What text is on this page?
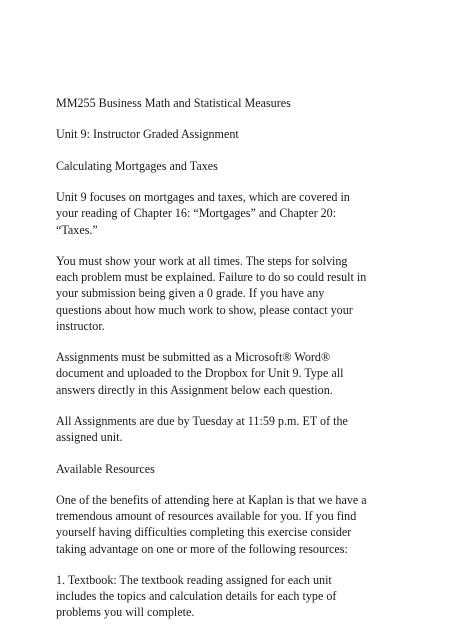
MM255 Business Math and Statistical Measures

Unit 9: Instructor Graded Assignment

Calculating Mortgages and Taxes

Unit 9 focuses on mortgages and taxes, which are covered in
your reading of Chapter 16: “Mortgages” and Chapter 20:
“Taxes.”

You must show your work at all times. The steps for solving
each problem must be explained. Failure to do so could result in
your submission being given a 0 grade. If you have any
questions about how much work to show, please contact your
instructor.

Assignments must be submitted as a Microsoft® Word®
document and uploaded to the Dropbox for Unit 9. Type all
answers directly in this Assignment below each question.

All Assignments are due by Tuesday at 11:59 p.m. ET of the
assigned unit.

Available Resources

One of the benefits of attending here at Kaplan is that we have a
tremendous amount of resources available for you. If you find
yourself having difficulties completing this exercise consider
taking advantage on one or more of the following resources:

1. Textbook: The textbook reading assigned for each unit
includes the topics and calculation details for each type of
problems you will complete.
